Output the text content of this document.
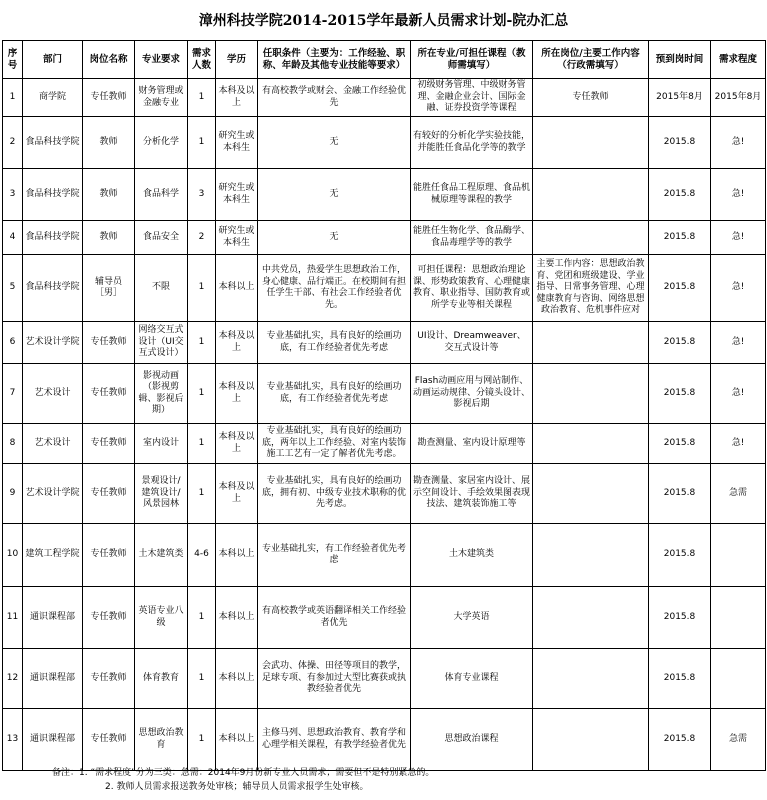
漳州科技学院2014-2015学年最新人员需求计划-院办汇总
序号	部门	岗位名称	专业要求	需求人数	学历	任职条件（主要为：工作经验、职称、年龄及其他专业技能等要求）	所在专业/可担任课程（教师需填写）	所在岗位/主要工作内容（行政需填写）	预到岗时间	需求程度
1	商学院	专任教师	财务管理或金融专业	1	本科及以上	有高校教学或财会、金融工作经验优先	初级财务管理、中级财务管理、金融企业会计、国际金融、证券投资学等课程	专任教师	2015年8月	2015年8月
2	食品科技学院	教师	分析化学	1	研究生或本科生	无	有较好的分析化学实验技能，并能胜任食品化学等的教学		2015.8	急!
3	食品科技学院	教师	食品科学	3	研究生或本科生	无	能胜任食品工程原理、食品机械原理等课程的教学		2015.8	急!
4	食品科技学院	教师	食品安全	2	研究生或本科生	无	能胜任生物化学、食品酶学、食品毒理学等的教学		2015.8	急!
5	食品科技学院	辅导员［男］	不限	1	本科以上	中共党员，热爱学生思想政治工作，身心健康、品行端正。在校期间有担任学生干部、有社会工作经验者优先。	可担任课程：思想政治理论课、形势政策教育、心理健康教育、职业指导、国防教育或所学专业等相关课程	主要工作内容：思想政治教育、党团和班级建设、学业指导、日常事务管理、心理健康教育与咨询、网络思想政治教育、危机事件应对	2015.8	急!
6	艺术设计学院	专任教师	网络交互式设计（UI交互式设计）	1	本科及以上	专业基础扎实，具有良好的绘画功底，有工作经验者优先考虑	UI设计、Dreamweaver、交互式设计等		2015.8	急!
7	艺术设计	专任教师	影视动画（影视剪辑、影视后期）	1	本科及以上	专业基础扎实，具有良好的绘画功底，有工作经验者优先考虑	Flash动画应用与网站制作、动画运动规律、分镜头设计、影视后期		2015.8	急!
8	艺术设计	专任教师	室内设计	1	本科及以上	专业基础扎实，具有良好的绘画功底，两年以上工作经验、对室内装饰施工工艺有一定了解者优先考虑。	勘查测量、室内设计原理等		2015.8	急!
9	艺术设计学院	专任教师	景观设计/建筑设计/风景园林	1	本科及以上	专业基础扎实，具有良好的绘画功底，拥有初、中级专业技术职称的优先考虑。	勘查测量、家居室内设计、展示空间设计、手绘效果图表现技法、建筑装饰施工等		2015.8	急需
10	建筑工程学院	专任教师	土木建筑类	4-6	本科以上	专业基础扎实，有工作经验者优先考虑	土木建筑类		2015.8	
11	通识课程部	专任教师	英语专业八级	1	本科以上	有高校教学或英语翻译相关工作经验者优先	大学英语		2015.8	
12	通识课程部	专任教师	体育教育	1	本科以上	会武功、体操、田径等项目的教学，足球专项、有参加过大型比赛获或执教经验者优先	体育专业课程		2015.8	
13	通识课程部	专任教师	思想政治教育	1	本科以上	主修马列、思想政治教育、教育学和心理学相关课程，有教学经验者优先	思想政治课程		2015.8	急需
备注：1. “需求程度”分为三类：急需：2014年9月份新专业人员需求；需要但不是特别紧急的。
2. 教师人员需求报送教务处审核；辅导员人员需求报学生处审核。
